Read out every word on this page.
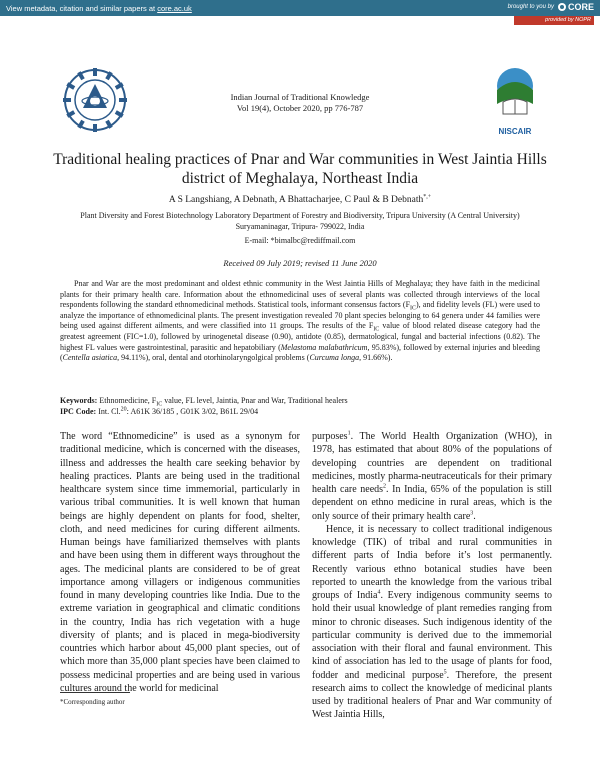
View metadata, citation and similar papers at core.ac.uk	brought to you by CORE
provided by NOPR
NISCAIR
Indian Journal of Traditional Knowledge
Vol 19(4), October 2020, pp 776-787
Traditional healing practices of Pnar and War communities in West Jaintia Hills district of Meghalaya, Northeast India
A S Langshiang, A Debnath, A Bhattacharjee, C Paul & B Debnath*,+
Plant Diversity and Forest Biotechnology Laboratory Department of Forestry and Biodiversity, Tripura University (A Central University)
Suryamaninagar, Tripura- 799022, India
E-mail: *bimalbc@rediffmail.com
Received 09 July 2019; revised 11 June 2020

Pnar and War are the most predominant and oldest ethnic community in the West Jaintia Hills of Meghalaya; they have faith in the medicinal plants for their primary health care. Information about the ethnomedicinal uses of several plants was collected through interviews of the local respondents following the standard ethnomedicinal methods. Statistical tools, informant consensus factors $(F_{IC})$, and fidelity levels (FL) were used to analyze the importance of ethnomedicinal plants. The present investigation revealed 70 plant species belonging to 64 genera under 44 families were being used against different ailments, and were classified into 11 groups. The results of the $F_{IC}$ value of blood related disease category had the greatest agreement (FIC=1.0), followed by urinogenetal disease (0.90), antidote (0.85), dermatological, fungal and bacterial infections (0.82). The highest FL values were gastrointestinal, parasitic and hepatobiliary (Melastoma malabathricum, 95.83%), followed by external injuries and bleeding (Centella asiatica, 94.11%), oral, dental and otorhinolaryngolgical problems (Curcuma longa, 91.66%).

Keywords: Ethnomedicine, $F_{IC}$ value, FL level, Jaintia, Pnar and War, Traditional healers

IPC Code: Int. Cl.$^{20}$: A61K 36/185 , G01K 3/02, B61L 29/04

The word “Ethnomedicine” is used as a synonym for traditional medicine, which is concerned with the diseases, illness and addresses the health care seeking behavior by healing practices. Plants are being used in the traditional healthcare system since time immemorial, particularly in various tribal communities. It is well known that human beings are highly dependent on plants for food, shelter, cloth, and need medicines for curing different ailments. Human beings have familiarized themselves with plants and have been using them in different ways throughout the ages. The medicinal plants are considered to be of great importance among villagers or indigenous communities found in many developing countries like India. Due to the extreme variation in geographical and climatic conditions in the country, India has rich vegetation with a huge diversity of plants; and is placed in mega-biodiversity countries which harbor about 45,000 plant species, out of which more than 35,000 plant species have been claimed to possess medicinal properties and are being used in various cultures around the world for medicinal

purposes$^1$. The World Health Organization (WHO), in 1978, has estimated that about 80% of the populations of developing countries are dependent on traditional medicines, mostly pharma-neutraceuticals for their primary health care needs$^2$. In India, 65% of the population is still dependent on ethno medicine in rural areas, which is the only source of their primary health care$^3$.

Hence, it is necessary to collect traditional indigenous knowledge (TIK) of tribal and rural communities in different parts of India before it’s lost permanently. Recently various ethno botanical studies have been reported to unearth the knowledge from the various tribal groups of India$^4$. Every indigenous community seems to hold their usual knowledge of plant remedies ranging from minor to chronic diseases. Such indigenous identity of the particular community is derived due to the immemorial association with their floral and faunal environment. This kind of association has led to the usage of plants for food, fodder and medicinal purpose$^5$. Therefore, the present research aims to collect the knowledge of medicinal plants used by traditional healers of Pnar and War community of West Jaintia Hills,

*Corresponding author
